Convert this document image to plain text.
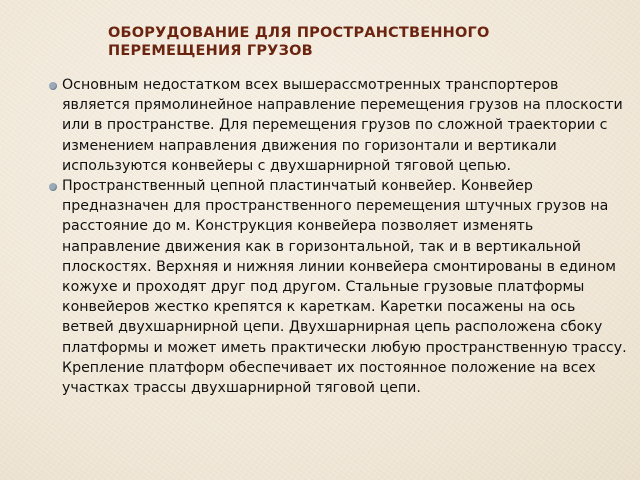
ОБОРУДОВАНИЕ ДЛЯ ПРОСТРАНСТВЕННОГО ПЕРЕМЕЩЕНИЯ ГРУЗОВ
Основным недостатком всех вышерассмотренных транспортеров является прямолинейное направление перемещения грузов на плоскости или в пространстве. Для перемещения грузов по сложной траектории с изменением направления движения по горизонтали и вертикали используются конвейеры с двухшарнирной тяговой цепью.
Пространственный цепной пластинчатый конвейер. Конвейер предназначен для пространственного перемещения штучных грузов на расстояние до м. Конструкция конвейера позволяет изменять направление движения как в горизонтальной, так и в вертикальной плоскостях. Верхняя и нижняя линии конвейера смонтированы в едином кожухе и проходят друг под другом. Стальные грузовые платформы конвейеров жестко крепятся к кареткам. Каретки посажены на ось ветвей двухшарнирной цепи. Двухшарнирная цепь расположена сбоку платформы и может иметь практически любую пространственную трассу. Крепление платформ обеспечивает их постоянное положение на всех участках трассы двухшарнирной тяговой цепи.
